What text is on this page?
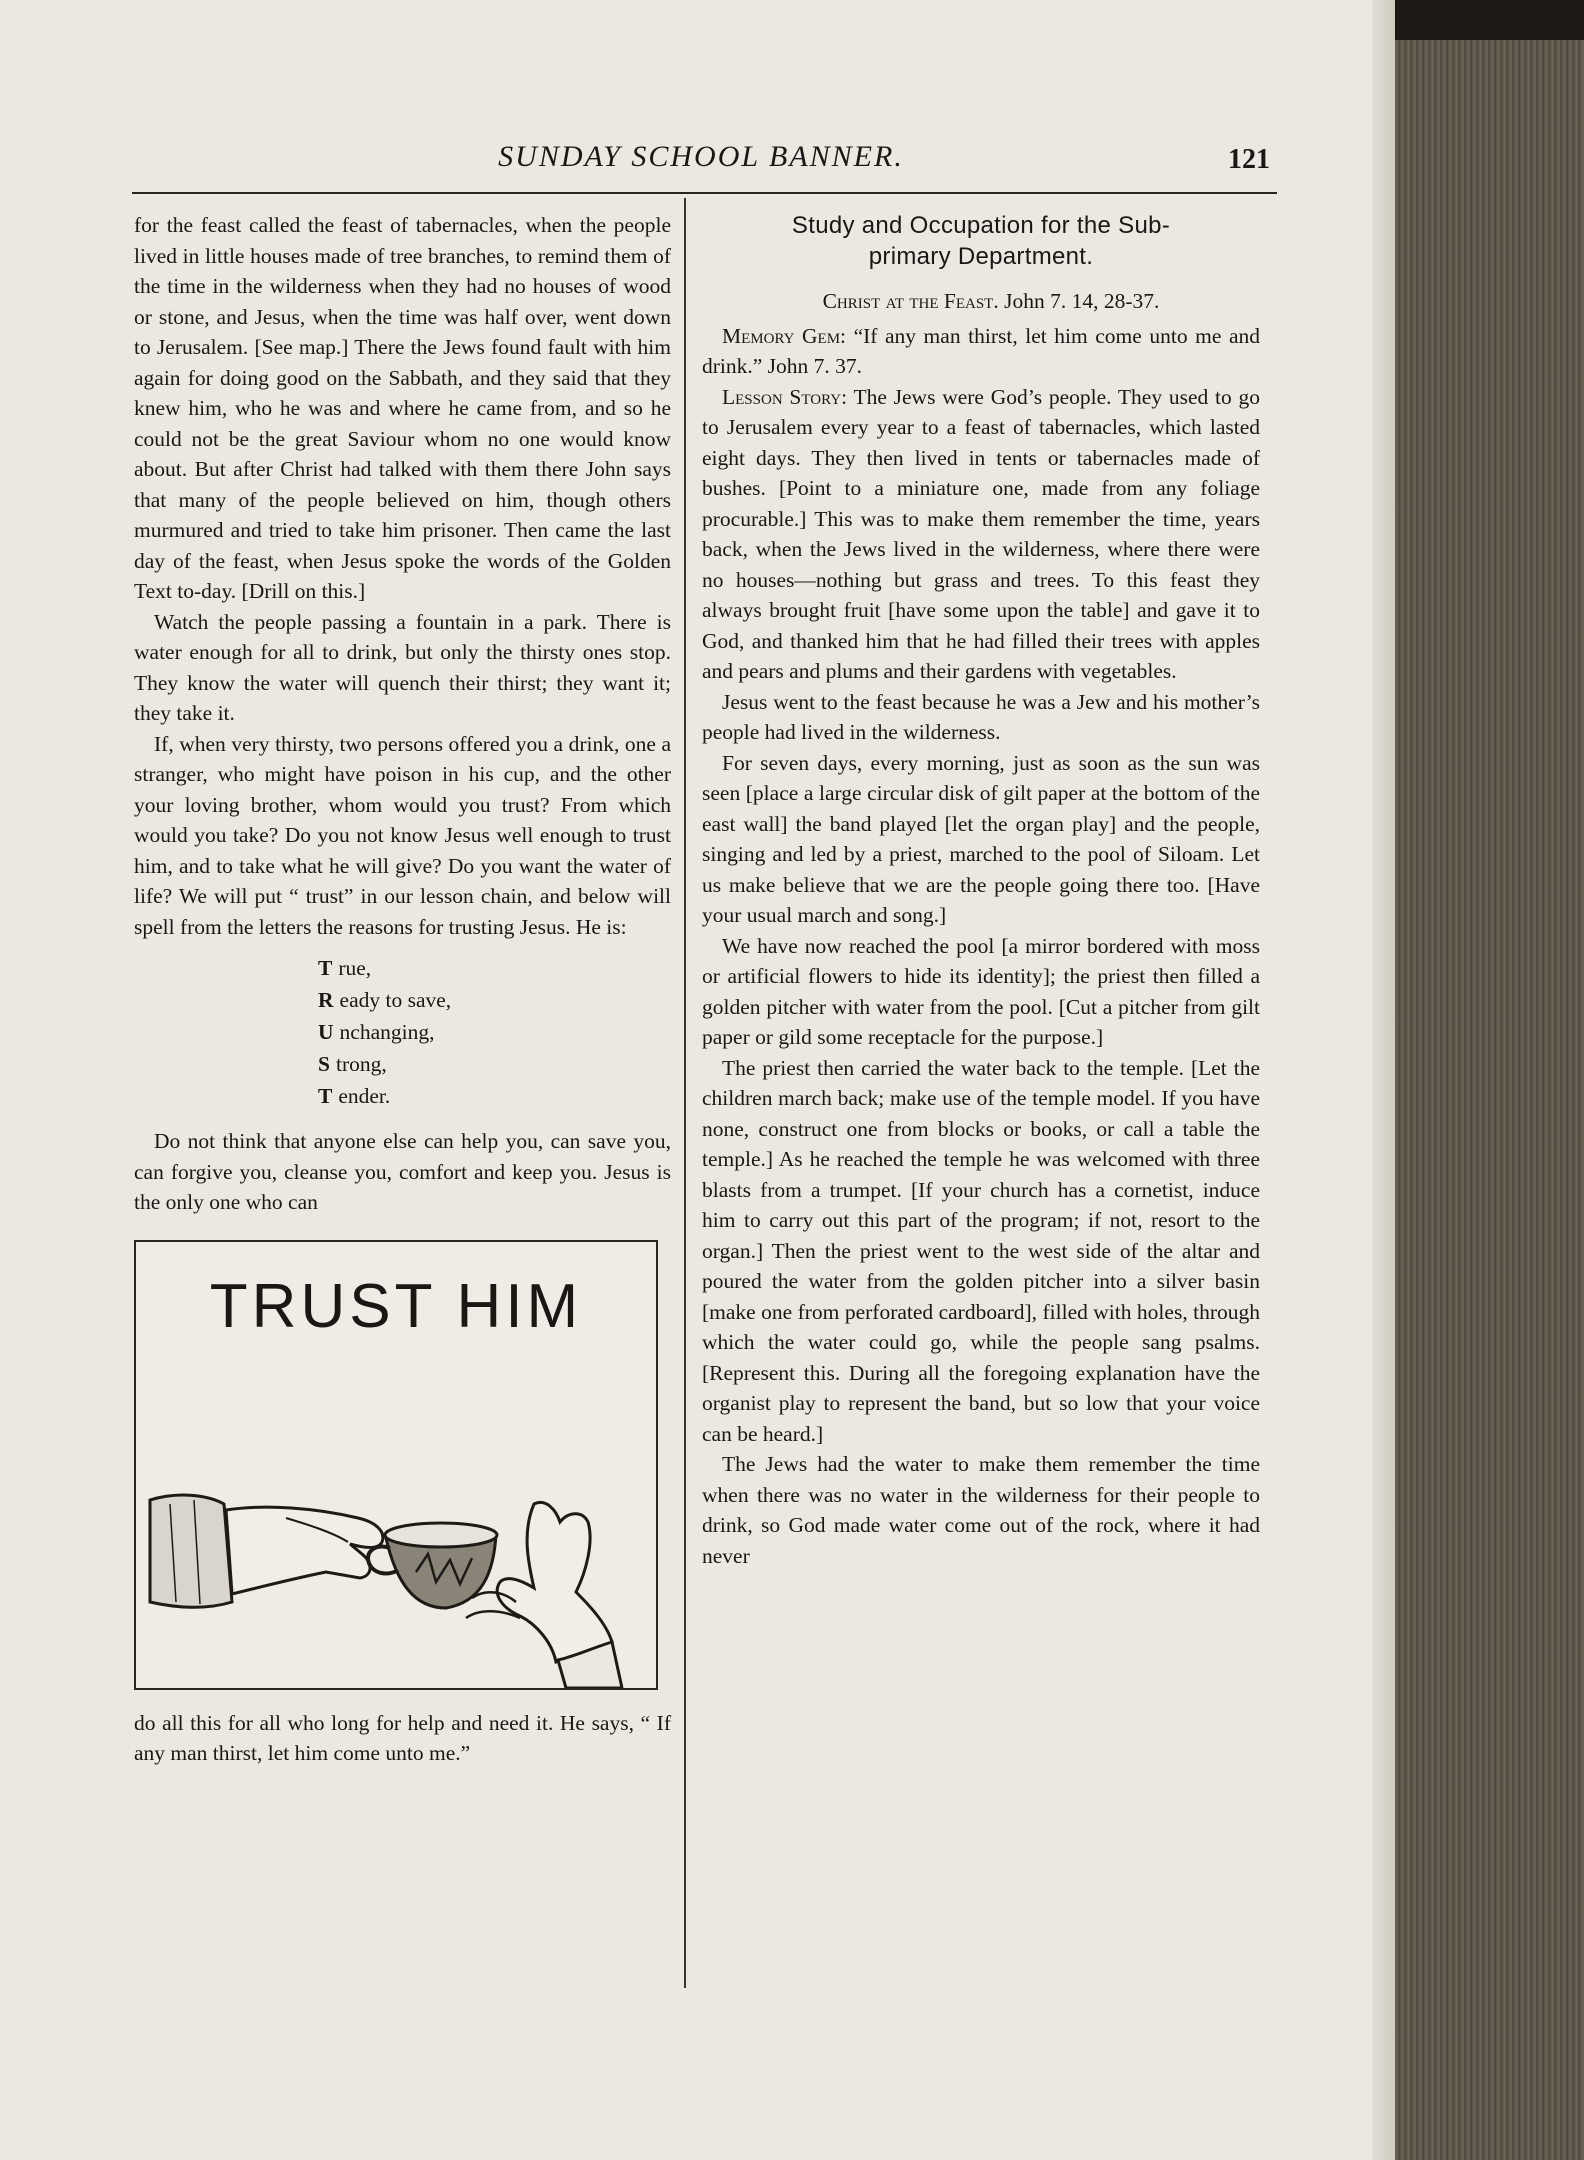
SUNDAY SCHOOL BANNER.	121

for the feast called the feast of tabernacles, when the people lived in little houses made of tree branches, to remind them of the time in the wilderness when they had no houses of wood or stone, and Jesus, when the time was half over, went down to Jerusalem. [See map.] There the Jews found fault with him again for doing good on the Sabbath, and they said that they knew him, who he was and where he came from, and so he could not be the great Saviour whom no one would know about. But after Christ had talked with them there John says that many of the people believed on him, though others murmured and tried to take him prisoner. Then came the last day of the feast, when Jesus spoke the words of the Golden Text to-day. [Drill on this.]

Watch the people passing a fountain in a park. There is water enough for all to drink, but only the thirsty ones stop. They know the water will quench their thirst; they want it; they take it.

If, when very thirsty, two persons offered you a drink, one a stranger, who might have poison in his cup, and the other your loving brother, whom would you trust? From which would you take? Do you not know Jesus well enough to trust him, and to take what he will give? Do you want the water of life? We will put “ trust” in our lesson chain, and below will spell from the letters the reasons for trusting Jesus. He is:

T rue,
R eady to save,
U nchanging,
S trong,
T ender.

Do not think that anyone else can help you, can save you, can forgive you, cleanse you, comfort and keep you. Jesus is the only one who can

TRUST HIM

do all this for all who long for help and need it. He says, “ If any man thirst, let him come unto me.”

Study and Occupation for the Sub-
primary Department.

Christ at the Feast. John 7. 14, 28-37.

Memory Gem: “If any man thirst, let him come unto me and drink.” John 7. 37.

Lesson Story: The Jews were God’s people. They used to go to Jerusalem every year to a feast of tabernacles, which lasted eight days. They then lived in tents or tabernacles made of bushes. [Point to a miniature one, made from any foliage procurable.] This was to make them remember the time, years back, when the Jews lived in the wilderness, where there were no houses—nothing but grass and trees. To this feast they always brought fruit [have some upon the table] and gave it to God, and thanked him that he had filled their trees with apples and pears and plums and their gardens with vegetables.

Jesus went to the feast because he was a Jew and his mother’s people had lived in the wilderness.

For seven days, every morning, just as soon as the sun was seen [place a large circular disk of gilt paper at the bottom of the east wall] the band played [let the organ play] and the people, singing and led by a priest, marched to the pool of Siloam. Let us make believe that we are the people going there too. [Have your usual march and song.]

We have now reached the pool [a mirror bordered with moss or artificial flowers to hide its identity]; the priest then filled a golden pitcher with water from the pool. [Cut a pitcher from gilt paper or gild some receptacle for the purpose.]

The priest then carried the water back to the temple. [Let the children march back; make use of the temple model. If you have none, construct one from blocks or books, or call a table the temple.] As he reached the temple he was welcomed with three blasts from a trumpet. [If your church has a cornetist, induce him to carry out this part of the program; if not, resort to the organ.] Then the priest went to the west side of the altar and poured the water from the golden pitcher into a silver basin [make one from perforated cardboard], filled with holes, through which the water could go, while the people sang psalms. [Represent this. During all the foregoing explanation have the organist play to represent the band, but so low that your voice can be heard.]

The Jews had the water to make them remember the time when there was no water in the wilderness for their people to drink, so God made water come out of the rock, where it had never
